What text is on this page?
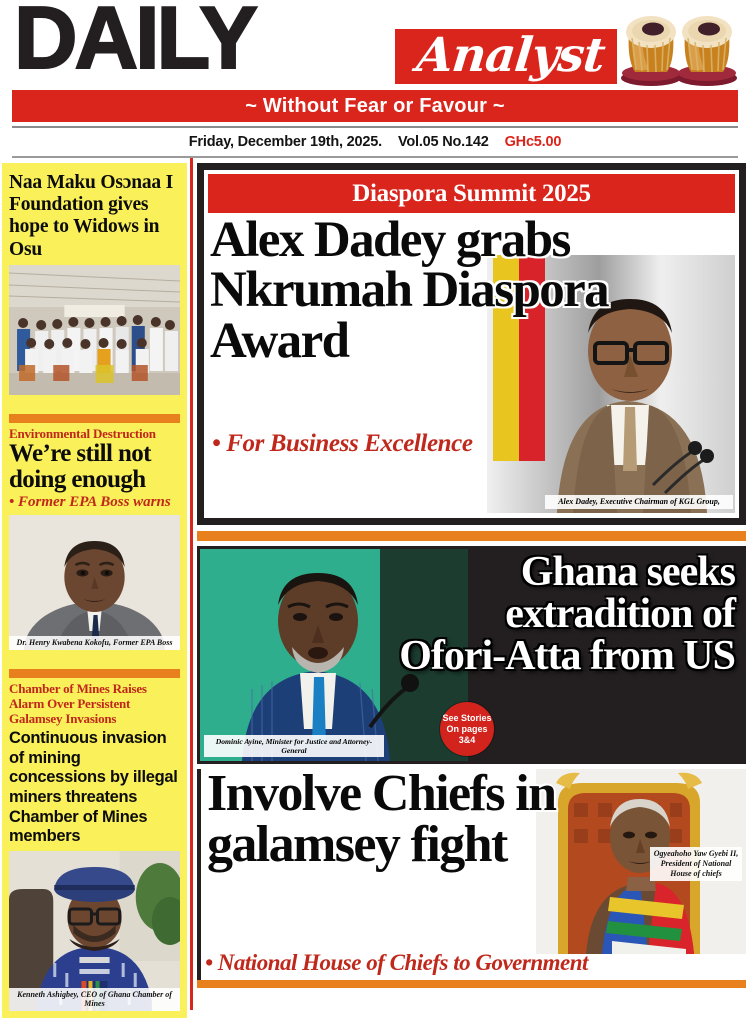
DAILY	Analyst
~ Without Fear or Favour ~
Friday, December 19th, 2025. Vol.05 No.142 GHc5.00
Naa Maku Osɔnaa I Foundation gives hope to Widows in Osu
Environmental Destruction
We’re still not doing enough
• Former EPA Boss warns
Dr. Henry Kwabena Kokofu, Former EPA Boss
Chamber of Mines Raises Alarm Over Persistent Galamsey Invasions
Continuous invasion of mining concessions by illegal miners threatens Chamber of Mines members
Kenneth Ashigbey, CEO of Ghana Chamber of Mines
Diaspora Summit 2025
Alex Dadey grabs Nkrumah Diaspora Award
• For Business Excellence
Alex Dadey, Executive Chairman of KGL Group,
Dominic Ayine, Minister for Justice and Attorney-General
Ghana seeks extradition of Ofori-Atta from US
See Stories On pages 3&4
Ogyeahoho Yaw Gyebi II, President of National House of chiefs
Involve Chiefs in galamsey fight
• National House of Chiefs to Government
